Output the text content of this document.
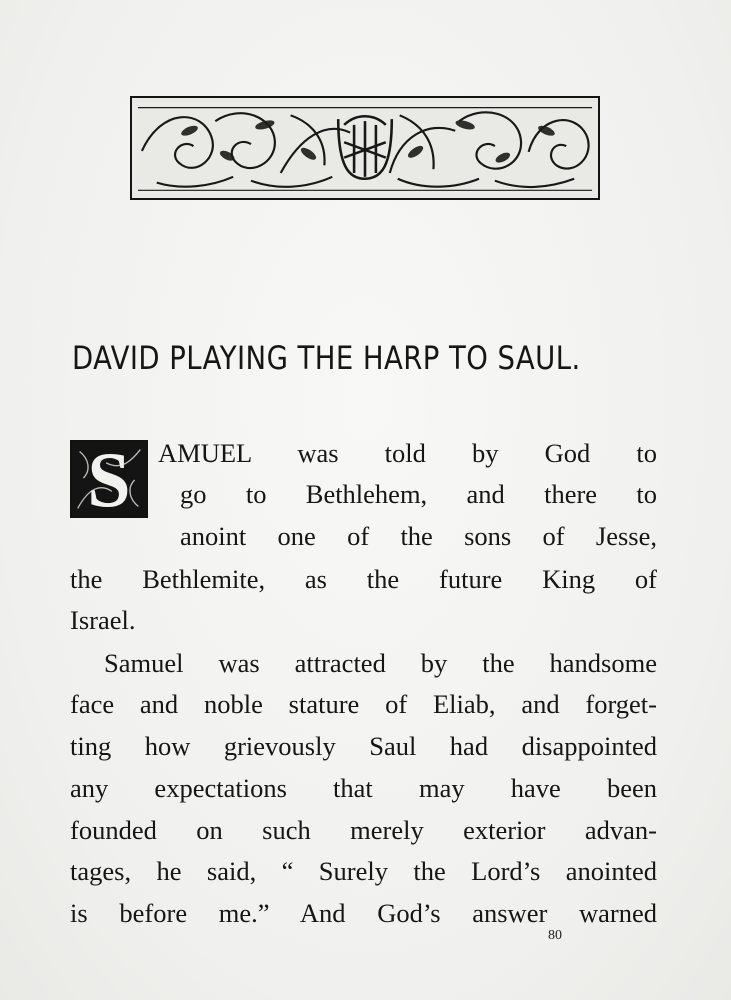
DAVID PLAYING THE HARP TO SAUL.
S	AMUEL was told by God to
go to Bethlehem, and there to
anoint one of the sons of Jesse,
the Bethlemite, as the future King of
Israel.
Samuel was attracted by the handsome
face and noble stature of Eliab, and forget-
ting how grievously Saul had disappointed
any expectations that may have been
founded on such merely exterior advan-
tages, he said, “ Surely the Lord’s anointed
is before me.” And God’s answer warned
80
